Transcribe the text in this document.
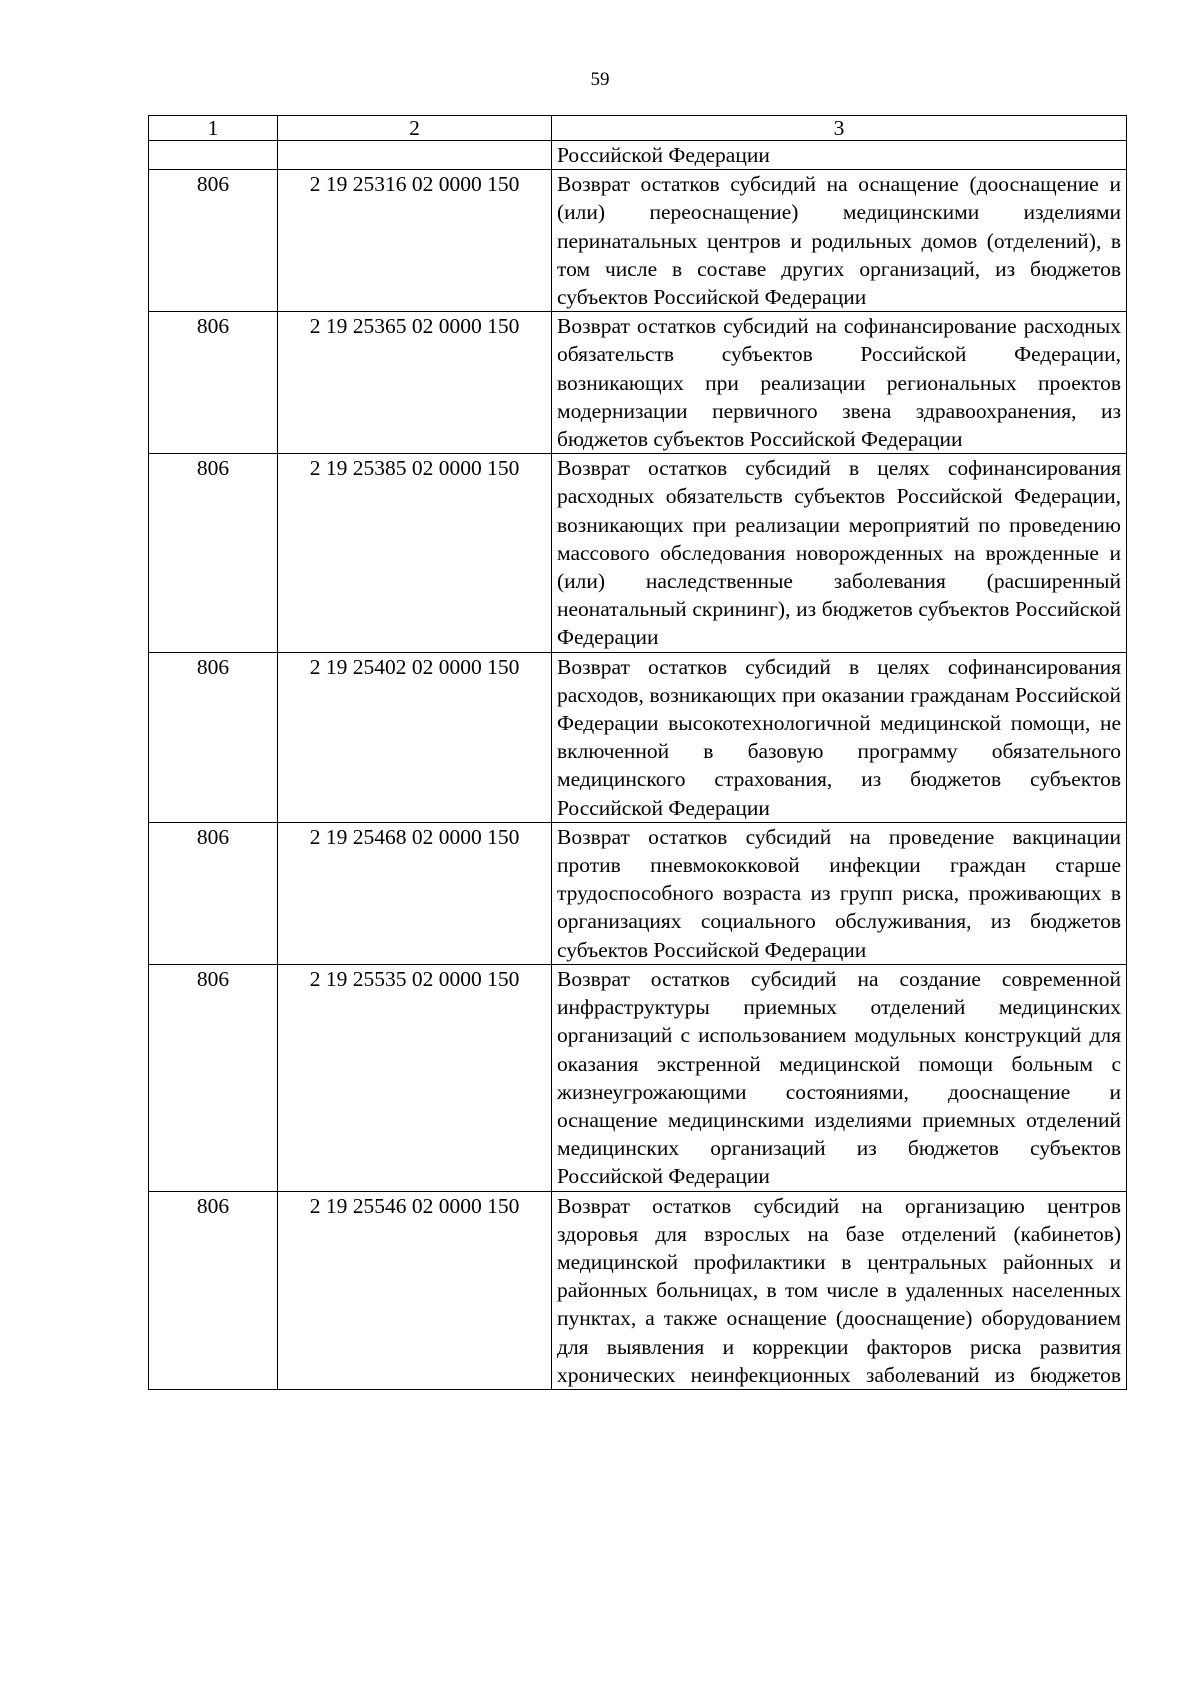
59
1	2	3
		Российской Федерации
806	2 19 25316 02 0000 150	Возврат остатков субсидий на оснащение (дооснащение и (или) переоснащение) медицинскими изделиями перинатальных центров и родильных домов (отделений), в том числе в составе других организаций, из бюджетов субъектов Российской Федерации
806	2 19 25365 02 0000 150	Возврат остатков субсидий на софинансирование расходных обязательств субъектов Российской Федерации, возникающих при реализации региональных проектов модернизации первичного звена здравоохранения, из бюджетов субъектов Российской Федерации
806	2 19 25385 02 0000 150	Возврат остатков субсидий в целях софинансирования расходных обязательств субъектов Российской Федерации, возникающих при реализации мероприятий по проведению массового обследования новорожденных на врожденные и (или) наследственные заболевания (расширенный неонатальный скрининг), из бюджетов субъектов Российской Федерации
806	2 19 25402 02 0000 150	Возврат остатков субсидий в целях софинансирования расходов, возникающих при оказании гражданам Российской Федерации высокотехнологичной медицинской помощи, не включенной в базовую программу обязательного медицинского страхования, из бюджетов субъектов Российской Федерации
806	2 19 25468 02 0000 150	Возврат остатков субсидий на проведение вакцинации против пневмококковой инфекции граждан старше трудоспособного возраста из групп риска, проживающих в организациях социального обслуживания, из бюджетов субъектов Российской Федерации
806	2 19 25535 02 0000 150	Возврат остатков субсидий на создание современной инфраструктуры приемных отделений медицинских организаций с использованием модульных конструкций для оказания экстренной медицинской помощи больным с жизнеугрожающими состояниями, дооснащение и оснащение медицинскими изделиями приемных отделений медицинских организаций из бюджетов субъектов Российской Федерации
806	2 19 25546 02 0000 150	Возврат остатков субсидий на организацию центров здоровья для взрослых на базе отделений (кабинетов) медицинской профилактики в центральных районных и районных больницах, в том числе в удаленных населенных пунктах, а также оснащение (дооснащение) оборудованием для выявления и коррекции факторов риска развития хронических неинфекционных заболеваний из бюджетов
